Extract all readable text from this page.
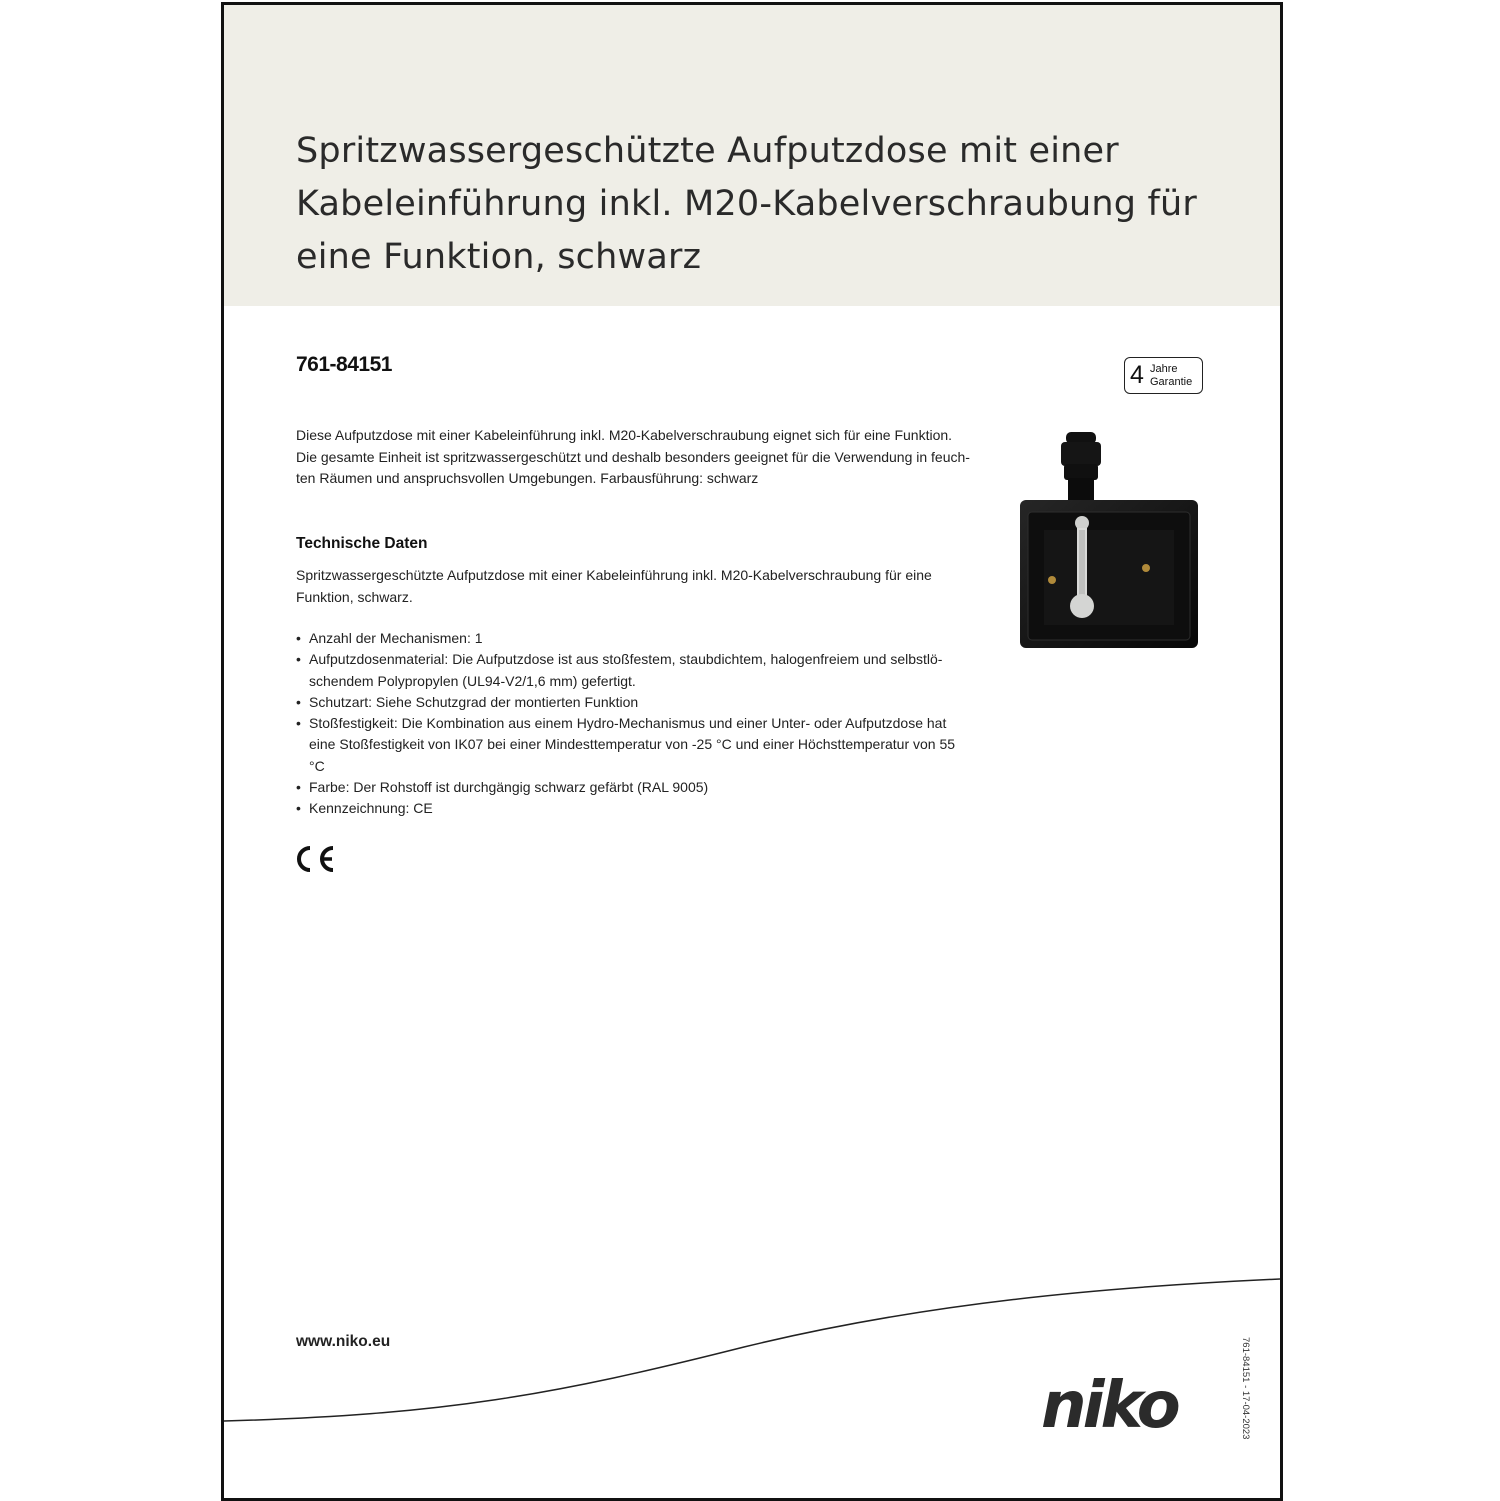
Spritzwassergeschützte Aufputzdose mit einer
Kabeleinführung inkl. M20-Kabelverschraubung für
eine Funktion, schwarz
761-84151	4 Jahre
Garantie

Diese Aufputzdose mit einer Kabeleinführung inkl. M20-Kabelverschraubung eignet sich für eine Funktion.
Die gesamte Einheit ist spritzwassergeschützt und deshalb besonders geeignet für die Verwendung in feuch-
ten Räumen und anspruchsvollen Umgebungen. Farbausführung: schwarz

Technische Daten

Spritzwassergeschützte Aufputzdose mit einer Kabeleinführung inkl. M20-Kabelverschraubung für eine
Funktion, schwarz.

• Anzahl der Mechanismen: 1
• Aufputzdosenmaterial: Die Aufputzdose ist aus stoßfestem, staubdichtem, halogenfreiem und selbstlö-
schendem Polypropylen (UL94-V2/1,6 mm) gefertigt.
• Schutzart: Siehe Schutzgrad der montierten Funktion
• Stoßfestigkeit: Die Kombination aus einem Hydro-Mechanismus und einer Unter- oder Aufputzdose hat
eine Stoßfestigkeit von IK07 bei einer Mindesttemperatur von -25 °C und einer Höchsttemperatur von 55
°C
• Farbe: Der Rohstoff ist durchgängig schwarz gefärbt (RAL 9005)
• Kennzeichnung: CE
www.niko.eu
niko	761-84151 - 17-04-2023
